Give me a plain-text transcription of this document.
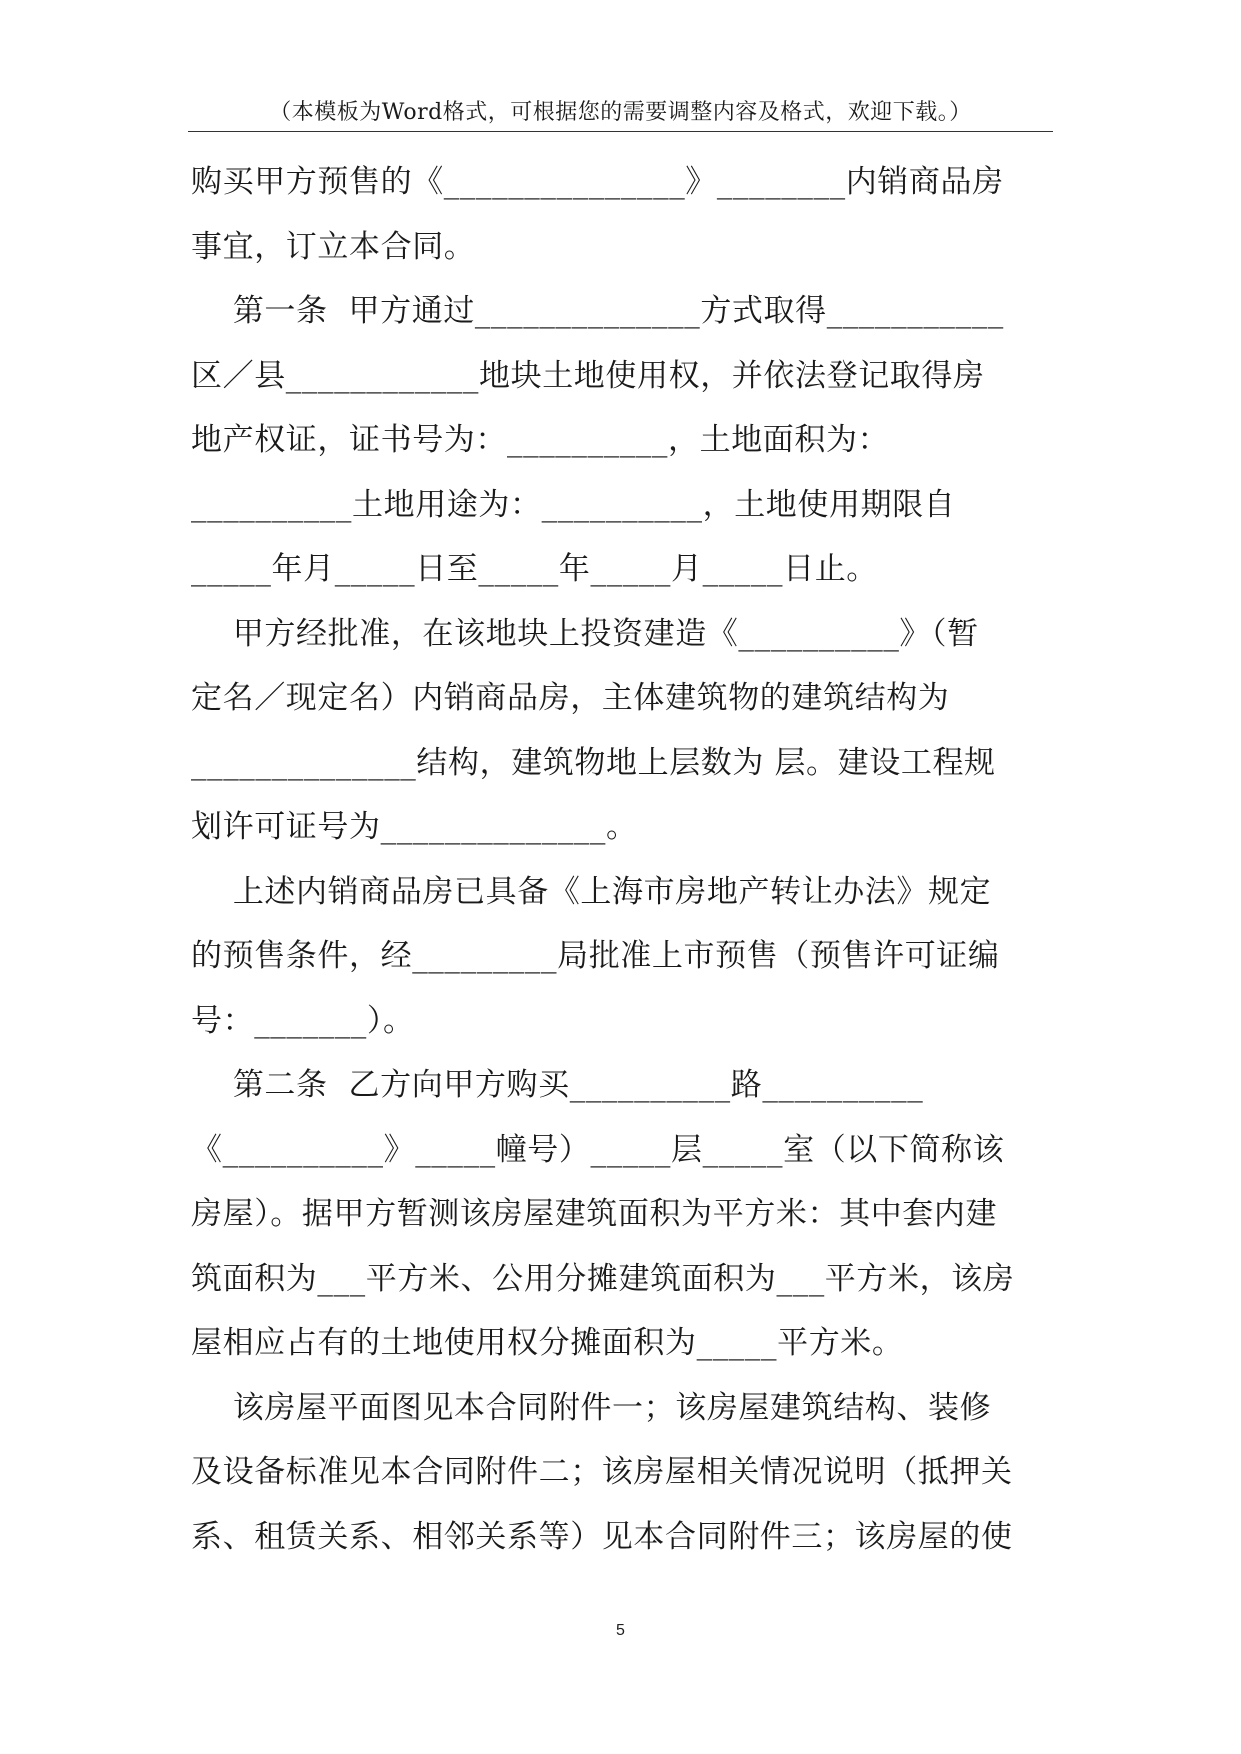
（本模板为Word格式，可根据您的需要调整内容及格式，欢迎下载。）
购买甲方预售的《_______________》________内销商品房
事宜，订立本合同。
第一条  甲方通过______________方式取得___________
区／县____________地块土地使用权，并依法登记取得房
地产权证，证书号为：__________，土地面积为：
__________土地用途为：__________，土地使用期限自
_____年月_____日至_____年_____月_____日止。
甲方经批准，在该地块上投资建造《__________》（暂
定名／现定名）内销商品房，主体建筑物的建筑结构为
______________结构，建筑物地上层数为 层。建设工程规
划许可证号为______________。
上述内销商品房已具备《上海市房地产转让办法》规定
的预售条件，经_________局批准上市预售（预售许可证编
号：_______）。
第二条  乙方向甲方购买__________路__________
《__________》_____幢号）_____层_____室（以下简称该
房屋）。据甲方暂测该房屋建筑面积为平方米：其中套内建
筑面积为___平方米、公用分摊建筑面积为___平方米，该房
屋相应占有的土地使用权分摊面积为_____平方米。
该房屋平面图见本合同附件一；该房屋建筑结构、装修
及设备标准见本合同附件二；该房屋相关情况说明（抵押关
系、租赁关系、相邻关系等）见本合同附件三；该房屋的使
5
